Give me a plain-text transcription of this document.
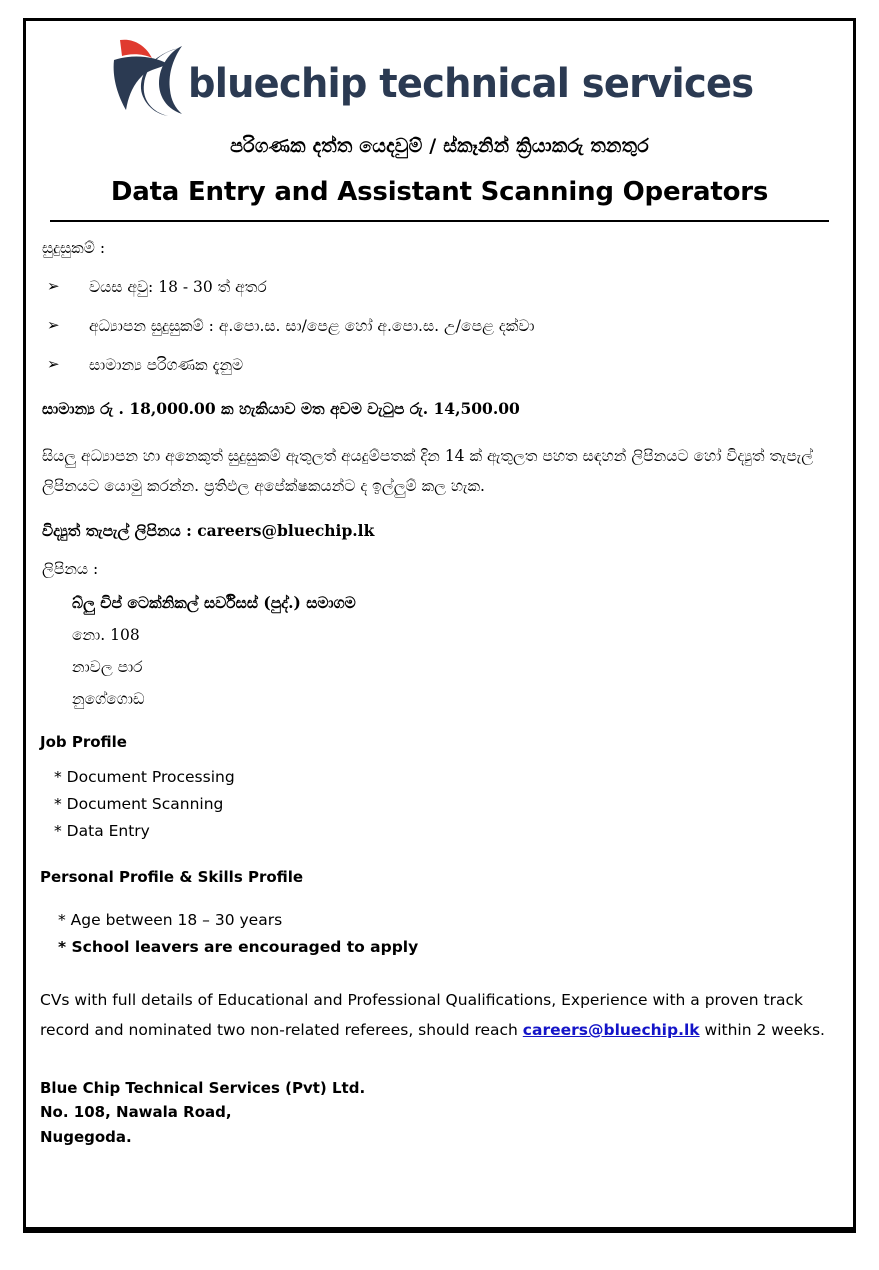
bluechip technical services
පරිගණක දත්ත යෙදවුම් / ස්කෑනින් ක්‍රියාකරු තනතුර
Data Entry and Assistant Scanning Operators
සුදුසුකම් :
➢	වයස අවු: 18 - 30 ත් අතර
➢	අධ්‍යාපන සුදුසුකම් : අ.පො.ස. සා/පෙළ හෝ අ.පො.ස. උ/පෙළ දක්වා
➢	සාමාන්‍ය පරිගණක දැනුම
සාමාන්‍ය රු . 18,000.00 ක හැකියාව මත අවම වැටුප රු. 14,500.00
සියලු අධ්‍යාපන හා අනෙකුත් සුදුසුකම් ඇතුලත් අයදුම්පතක් දින 14 ක් ඇතුලත පහත සඳහන් ලිපිනයට හෝ විද්‍යුත් තැපැල් ලිපිනයට යොමු කරන්න. ප්‍රතිඵල අපේක්ෂකයන්ට ද ඉල්ලුම් කල හැක.
විද්‍යුත් තැපැල් ලිපිනය : careers@bluechip.lk
ලිපිනය :
බ්ලු චිප් ටෙක්නිකල් සර්විසස් (පුද්.) සමාගම
නො. 108
නාවල පාර
නුගේගොඩ
Job Profile
* Document Processing
* Document Scanning
* Data Entry
Personal Profile & Skills Profile
* Age between 18 – 30 years
* School leavers are encouraged to apply
CVs with full details of Educational and Professional Qualifications, Experience with a proven track record and nominated two non-related referees, should reach careers@bluechip.lk within 2 weeks.
Blue Chip Technical Services (Pvt) Ltd.
No. 108, Nawala Road,
Nugegoda.
